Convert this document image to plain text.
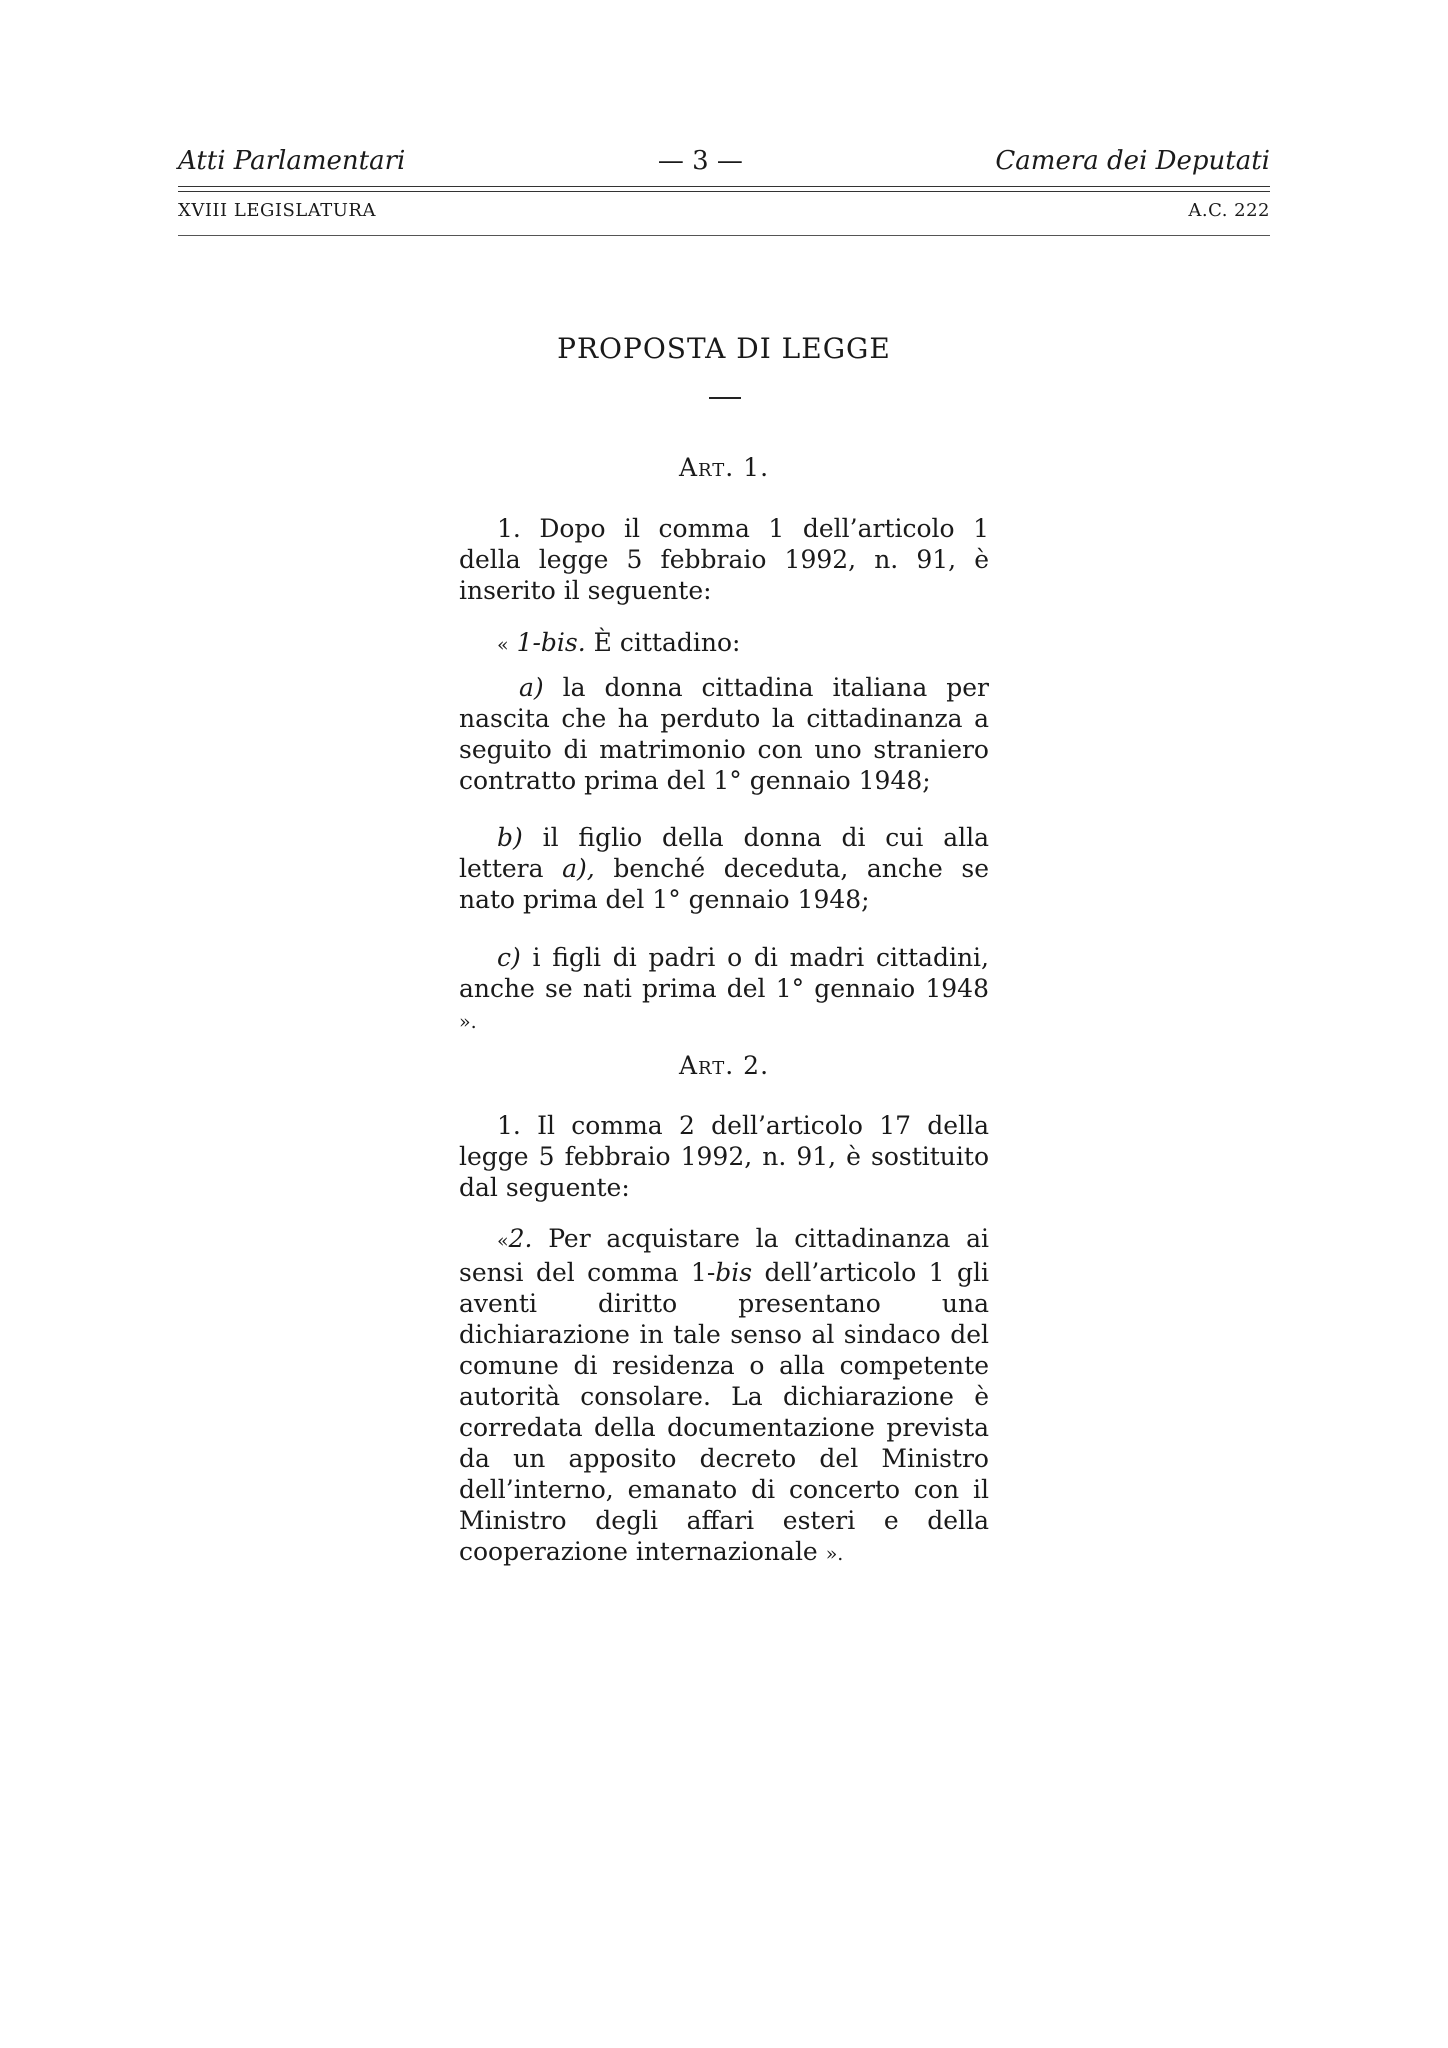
Atti Parlamentari	— 3 —	Camera dei Deputati
XVIII LEGISLATURA	A.C. 222
PROPOSTA DI LEGGE
Art. 1.

1. Dopo il comma 1 dell’articolo 1 della legge 5 febbraio 1992, n. 91, è inserito il seguente:

« 1-bis. È cittadino:

a) la donna cittadina italiana per nascita che ha perduto la cittadinanza a seguito di matrimonio con uno straniero contratto prima del 1° gennaio 1948;

b) il figlio della donna di cui alla lettera a), benché deceduta, anche se nato prima del 1° gennaio 1948;

c) i figli di padri o di madri cittadini, anche se nati prima del 1° gennaio 1948 ».

Art. 2.

1. Il comma 2 dell’articolo 17 della legge 5 febbraio 1992, n. 91, è sostituito dal seguente:

«2. Per acquistare la cittadinanza ai sensi del comma 1-bis dell’articolo 1 gli aventi diritto presentano una dichiarazione in tale senso al sindaco del comune di residenza o alla competente autorità consolare. La dichiarazione è corredata della documentazione prevista da un apposito decreto del Ministro dell’interno, emanato di concerto con il Ministro degli affari esteri e della cooperazione internazionale ».
